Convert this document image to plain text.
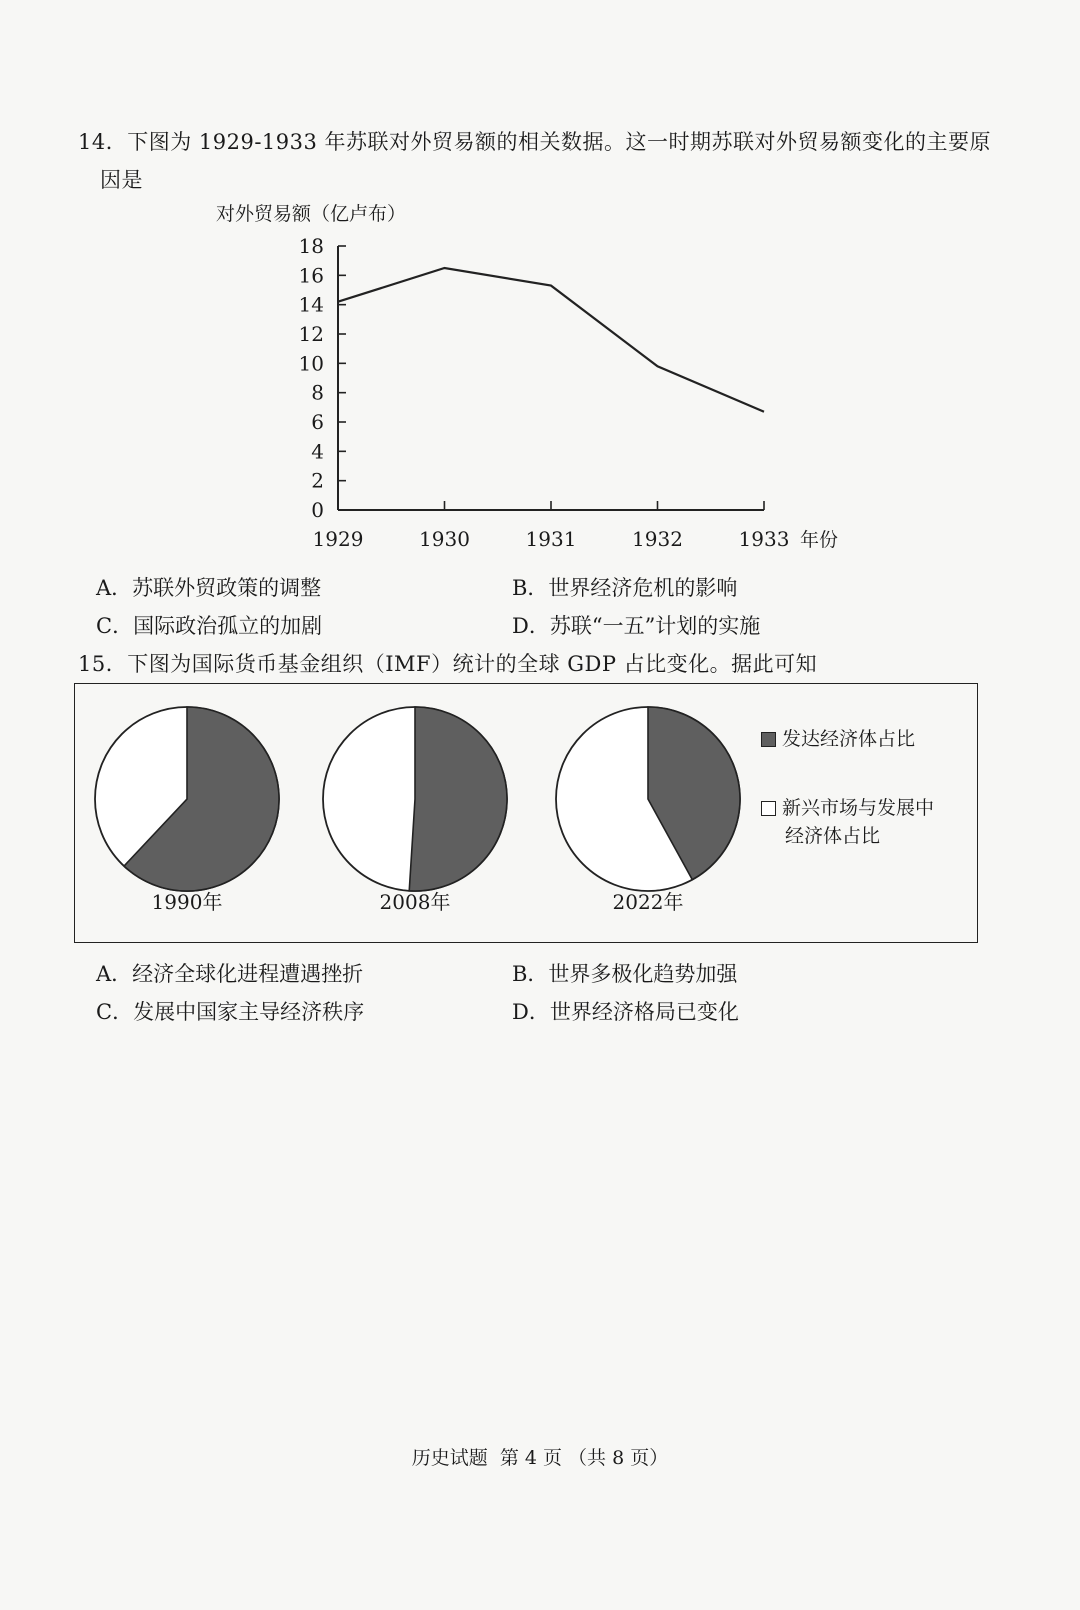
14．下图为 1929-1933 年苏联对外贸易额的相关数据。这一时期苏联对外贸易额变化的主要原
因是
对外贸易额（亿卢布）
0
2
4
6
8
10
12
14
16
18
1929	1930	1931	1932	1933 年份
A．苏联外贸政策的调整	B．世界经济危机的影响
C．国际政治孤立的加剧	D．苏联“一五”计划的实施
15．下图为国际货币基金组织（IMF）统计的全球 GDP 占比变化。据此可知
1990年	2008年	2022年
发达经济体占比
新兴市场与发展中
经济体占比
A．经济全球化进程遭遇挫折	B．世界多极化趋势加强
C．发展中国家主导经济秩序	D．世界经济格局已变化
历史试题  第 4 页 （共 8 页）
